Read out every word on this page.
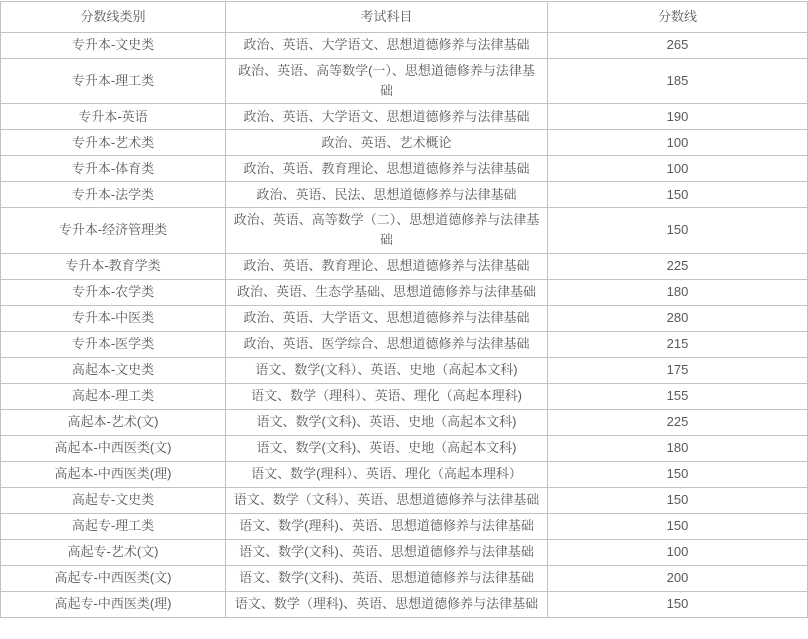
分数线类别	考试科目	分数线
专升本-文史类	政治、英语、大学语文、思想道德修养与法律基础	265
专升本-理工类	政治、英语、高等数学(一）、思想道德修养与法律基础	185
专升本-英语	政治、英语、大学语文、思想道德修养与法律基础	190
专升本-艺术类	政治、英语、艺术概论	100
专升本-体育类	政治、英语、教育理论、思想道德修养与法律基础	100
专升本-法学类	政治、英语、民法、思想道德修养与法律基础	150
专升本-经济管理类	政治、英语、高等数学（二）、思想道德修养与法律基础	150
专升本-教育学类	政治、英语、教育理论、思想道德修养与法律基础	225
专升本-农学类	政治、英语、生态学基础、思想道德修养与法律基础	180
专升本-中医类	政治、英语、大学语文、思想道德修养与法律基础	280
专升本-医学类	政治、英语、医学综合、思想道德修养与法律基础	215
高起本-文史类	语文、数学(文科）、英语、史地（高起本文科)	175
高起本-理工类	语文、数学（理科）、英语、理化（高起本理科)	155
高起本-艺术(文)	语文、数学(文科)、英语、史地（高起本文科)	225
高起本-中西医类(文)	语文、数学(文科)、英语、史地（高起本文科)	180
高起本-中西医类(理)	语文、数学(理科）、英语、理化（高起本理科）	150
高起专-文史类	语文、数学（文科）、英语、思想道德修养与法律基础	150
高起专-理工类	语文、数学(理科)、英语、思想道德修养与法律基础	150
高起专-艺术(文)	语文、数学(文科)、英语、思想道德修养与法律基础	100
高起专-中西医类(文)	语文、数学(文科)、英语、思想道德修养与法律基础	200
高起专-中西医类(理)	语文、数学（理科)、英语、思想道德修养与法律基础	150
